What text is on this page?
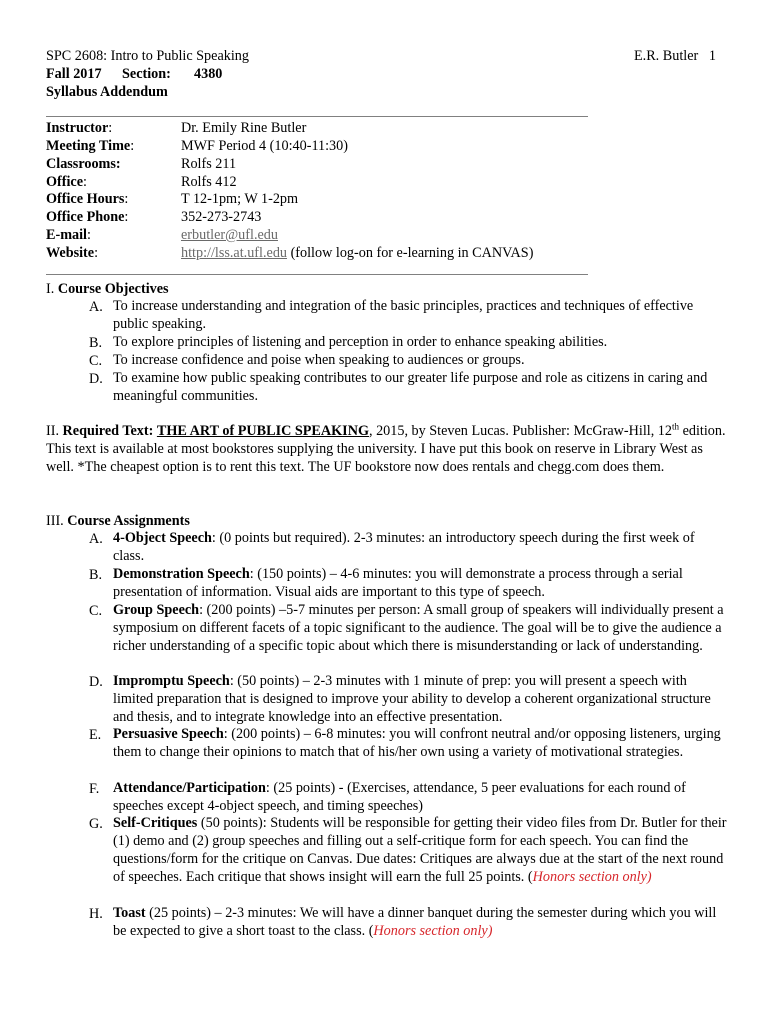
SPC 2608: Intro to Public Speaking	E.R. Butler 1
Fall 2017 Section: 4380
Syllabus Addendum
Instructor:	Dr. Emily Rine Butler
Meeting Time:	MWF Period 4 (10:40-11:30)
Classrooms:	Rolfs 211
Office:	Rolfs 412
Office Hours:	T 12-1pm; W 1-2pm
Office Phone:	352-273-2743
E-mail:	erbutler@ufl.edu
Website:	http://lss.at.ufl.edu (follow log-on for e-learning in CANVAS)
I. Course Objectives
A. To increase understanding and integration of the basic principles, practices and techniques of effective public speaking.
B. To explore principles of listening and perception in order to enhance speaking abilities.
C. To increase confidence and poise when speaking to audiences or groups.
D. To examine how public speaking contributes to our greater life purpose and role as citizens in caring and meaningful communities.
II. Required Text: THE ART of PUBLIC SPEAKING, 2015, by Steven Lucas. Publisher: McGraw-Hill, 12th edition. This text is available at most bookstores supplying the university. I have put this book on reserve in Library West as well. *The cheapest option is to rent this text. The UF bookstore now does rentals and chegg.com does them.
III. Course Assignments
A. 4-Object Speech: (0 points but required). 2-3 minutes: an introductory speech during the first week of class.
B. Demonstration Speech: (150 points) – 4-6 minutes: you will demonstrate a process through a serial presentation of information. Visual aids are important to this type of speech.
C. Group Speech: (200 points) –5-7 minutes per person: A small group of speakers will individually present a symposium on different facets of a topic significant to the audience. The goal will be to give the audience a richer understanding of a specific topic about which there is misunderstanding or lack of understanding.
D. Impromptu Speech: (50 points) – 2-3 minutes with 1 minute of prep: you will present a speech with limited preparation that is designed to improve your ability to develop a coherent organizational structure and thesis, and to integrate knowledge into an effective presentation.
E. Persuasive Speech: (200 points) – 6-8 minutes: you will confront neutral and/or opposing listeners, urging them to change their opinions to match that of his/her own using a variety of motivational strategies.
F. Attendance/Participation: (25 points) - (Exercises, attendance, 5 peer evaluations for each round of speeches except 4-object speech, and timing speeches)
G. Self-Critiques (50 points): Students will be responsible for getting their video files from Dr. Butler for their (1) demo and (2) group speeches and filling out a self-critique form for each speech. You can find the questions/form for the critique on Canvas. Due dates: Critiques are always due at the start of the next round of speeches. Each critique that shows insight will earn the full 25 points. (Honors section only)
H. Toast (25 points) – 2-3 minutes: We will have a dinner banquet during the semester during which you will be expected to give a short toast to the class. (Honors section only)
